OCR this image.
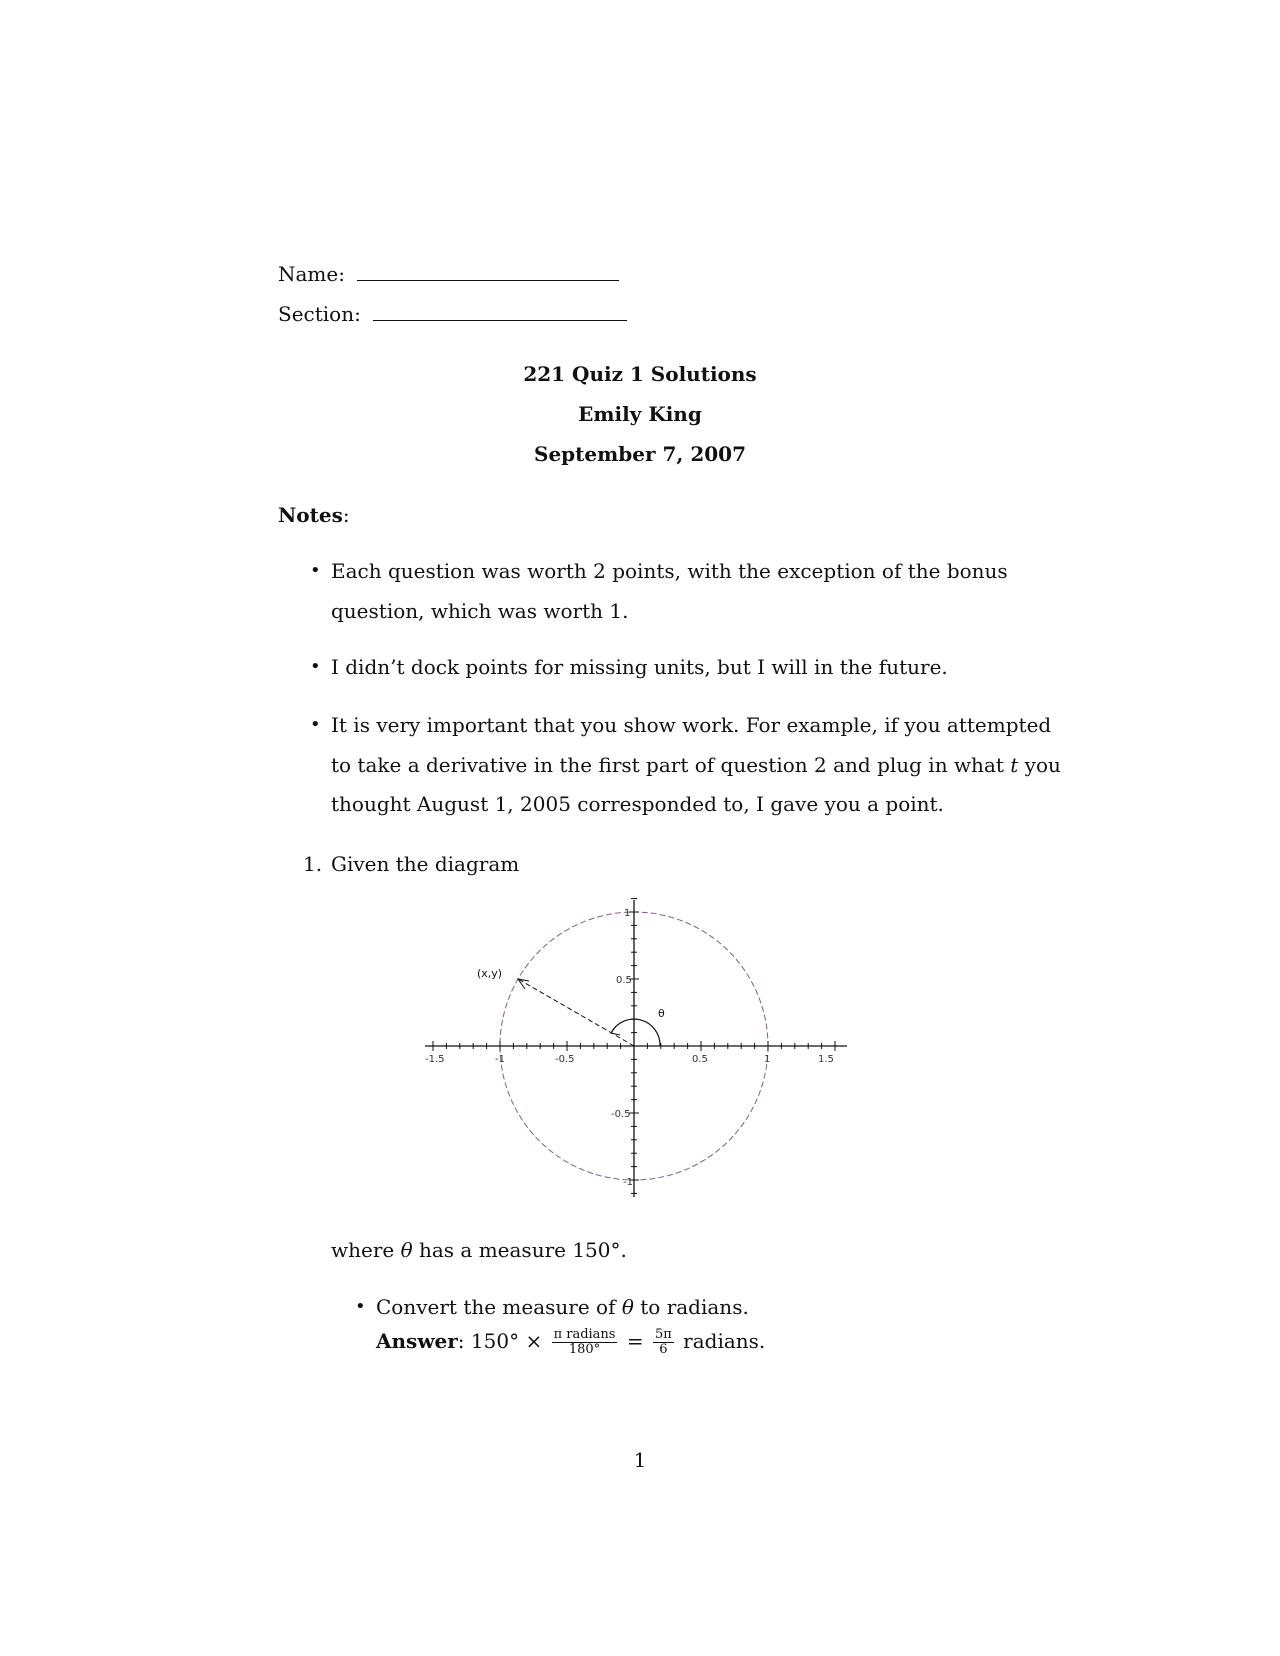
Name:
Section:
221 Quiz 1 Solutions
Emily King
September 7, 2007
Notes:
• Each question was worth 2 points, with the exception of the bonus
question, which was worth 1.
• I didn’t dock points for missing units, but I will in the future.
• It is very important that you show work. For example, if you attempted
to take a derivative in the first part of question 2 and plug in what t you
thought August 1, 2005 corresponded to, I gave you a point.
1. Given the diagram
(x,y)
θ
-1.5	-1	-0.5	0.5	1	1.5
1
0.5
-0.5
-1
where θ has a measure 150°.
• Convert the measure of θ to radians.
Answer: $150^\circ \times \frac{\text{π radians}}{180^\circ} = \frac{5\pi}{6}$ radians.
1
